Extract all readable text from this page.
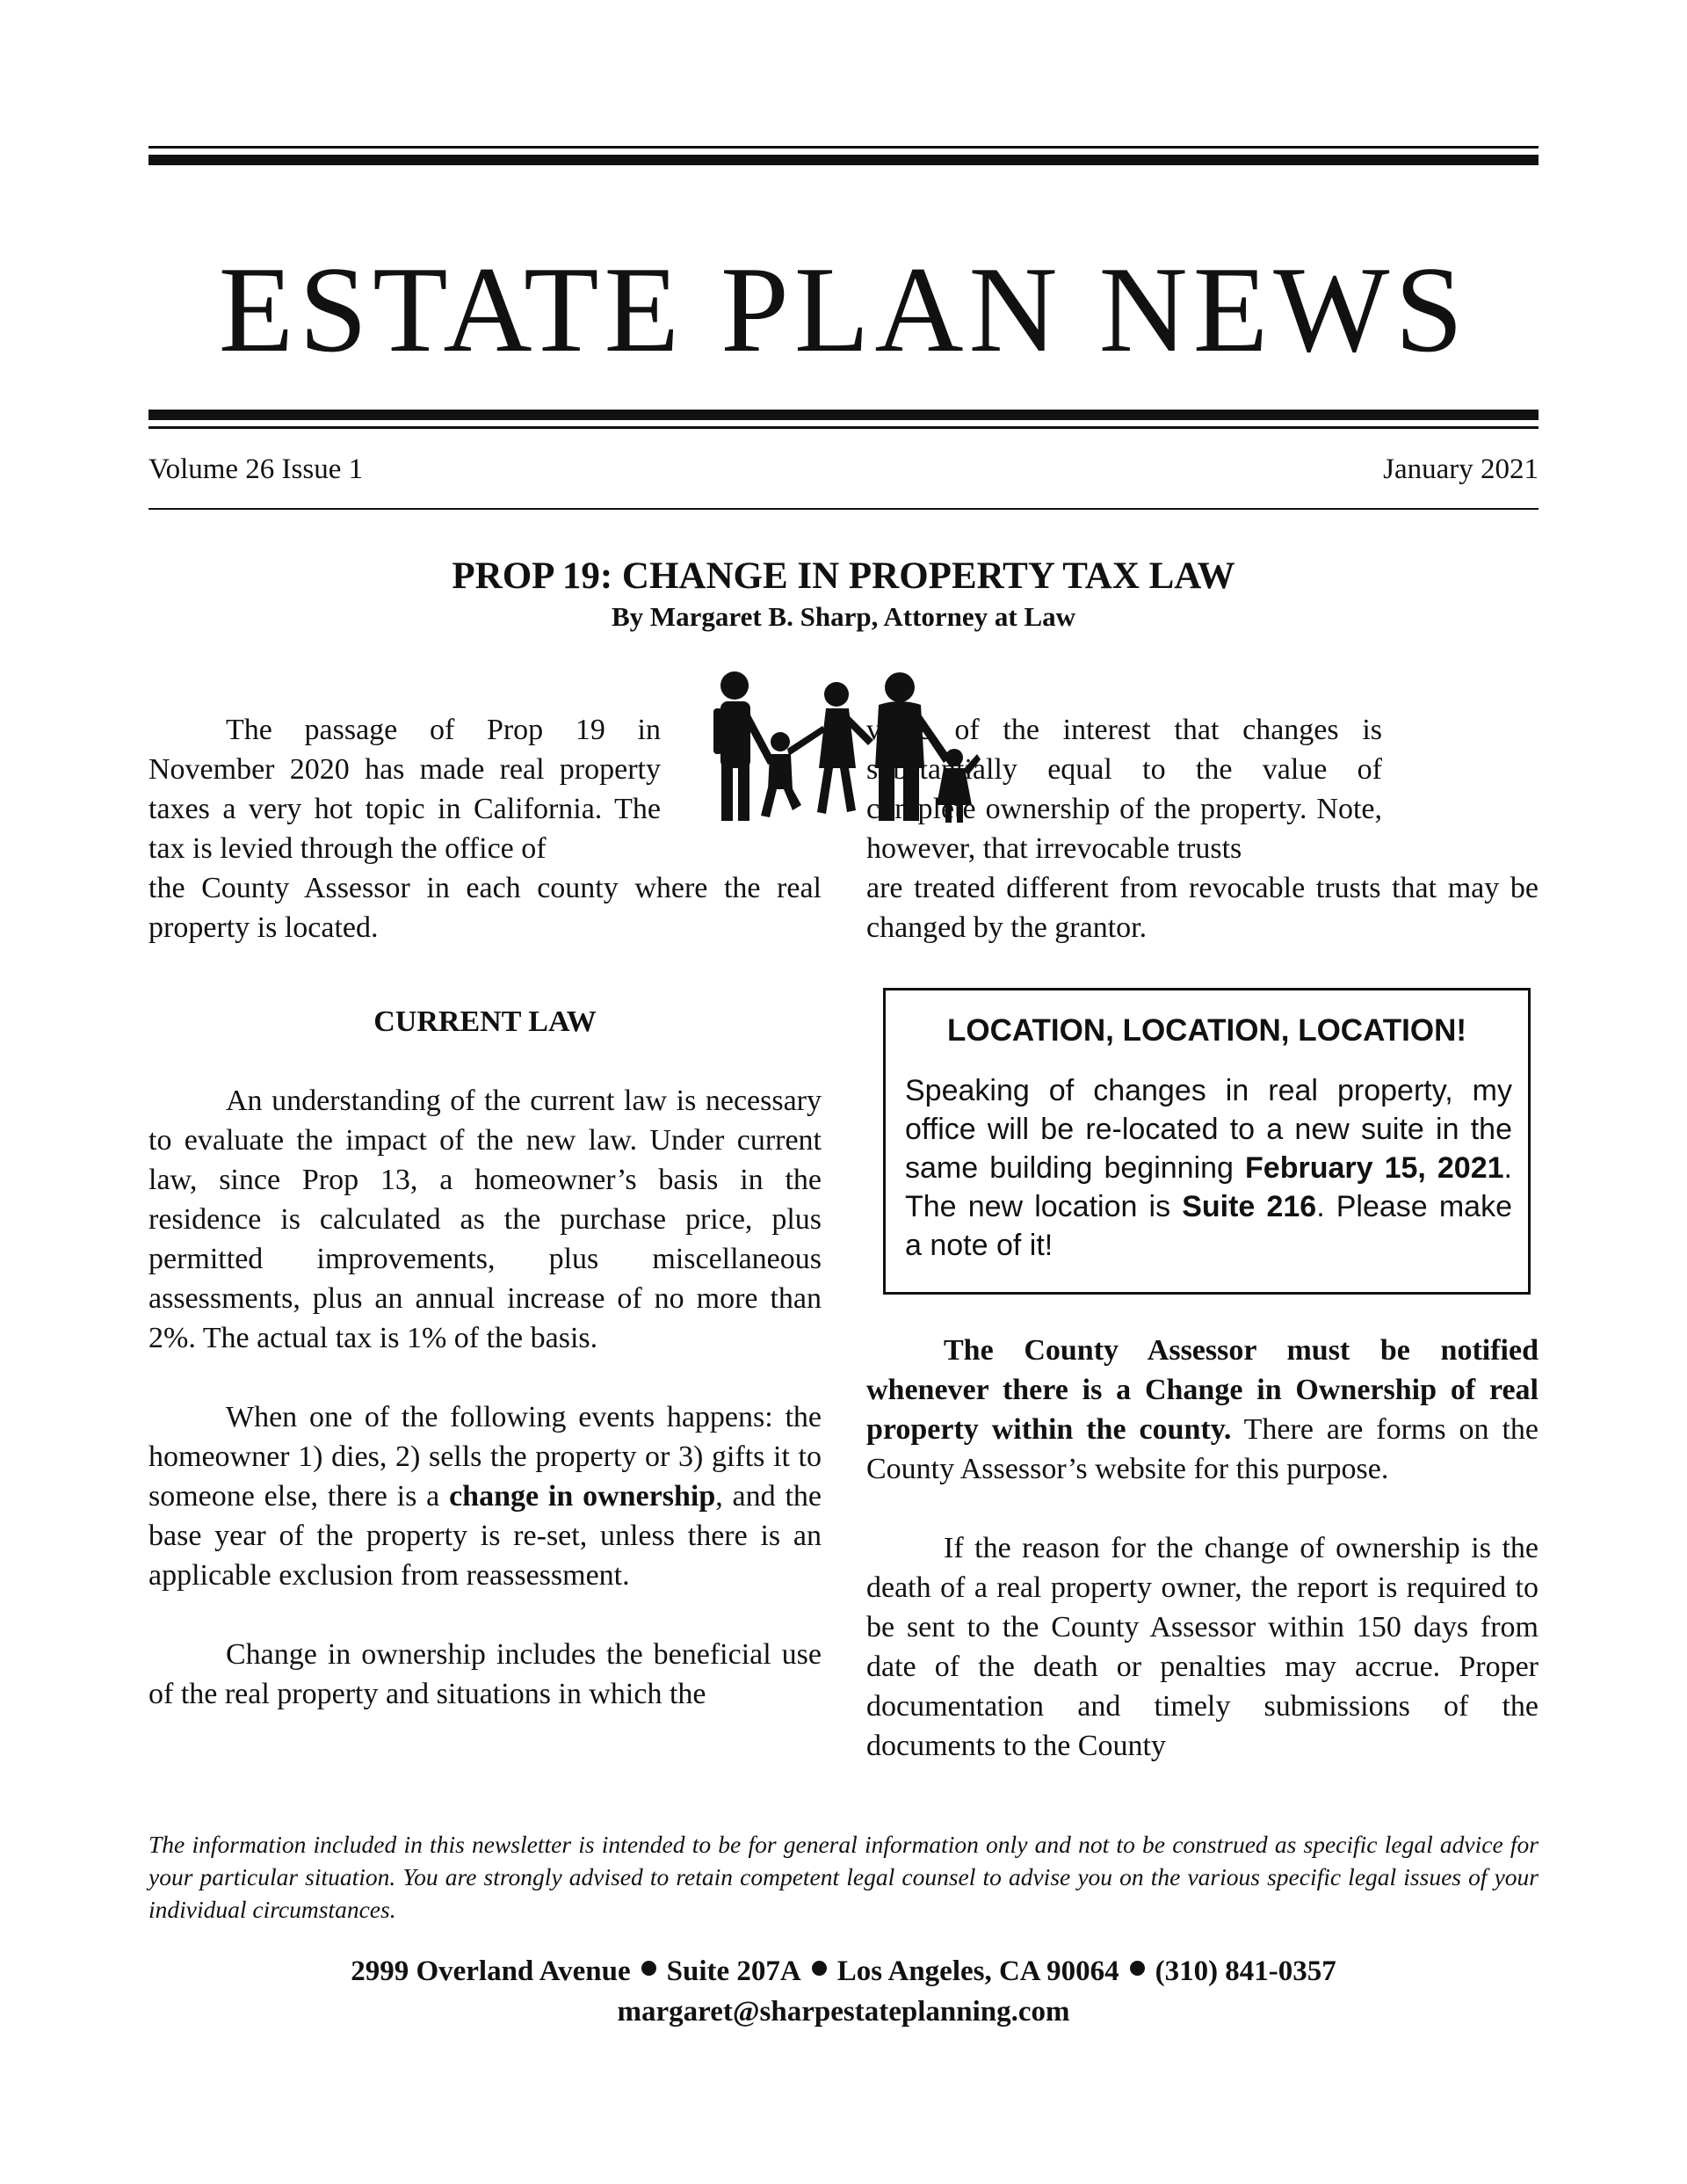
ESTATE PLAN NEWS
Volume 26 Issue 1	January 2021
PROP 19: CHANGE IN PROPERTY TAX LAW
By Margaret B. Sharp, Attorney at Law

The passage of Prop 19 in November 2020 has made real property taxes a very hot topic in California. The tax is levied through the office of

the County Assessor in each county where the real property is located.

CURRENT LAW

An understanding of the current law is necessary to evaluate the impact of the new law. Under current law, since Prop 13, a homeowner’s basis in the residence is calculated as the purchase price, plus permitted improvements, plus miscellaneous assessments, plus an annual increase of no more than 2%. The actual tax is 1% of the basis.

When one of the following events happens: the homeowner 1) dies, 2) sells the property or 3) gifts it to someone else, there is a change in ownership, and the base year of the property is re-set, unless there is an applicable exclusion from reassessment.

Change in ownership includes the beneficial use of the real property and situations in which the

value of the interest that changes is substantially equal to the value of complete ownership of the property. Note, however, that irrevocable trusts

are treated different from revocable trusts that may be changed by the grantor.

LOCATION, LOCATION, LOCATION!
Speaking of changes in real property, my office will be re-located to a new suite in the same building beginning February 15, 2021. The new location is Suite 216. Please make a note of it!

The County Assessor must be notified whenever there is a Change in Ownership of real property within the county. There are forms on the County Assessor’s website for this purpose.

If the reason for the change of ownership is the death of a real property owner, the report is required to be sent to the County Assessor within 150 days from date of the death or penalties may accrue. Proper documentation and timely submissions of the documents to the County

The information included in this newsletter is intended to be for general information only and not to be construed as specific legal advice for your particular situation. You are strongly advised to retain competent legal counsel to advise you on the various specific legal issues of your individual circumstances.
2999 Overland Avenue Suite 207A Los Angeles, CA 90064 (310) 841-0357
margaret@sharpestateplanning.com
